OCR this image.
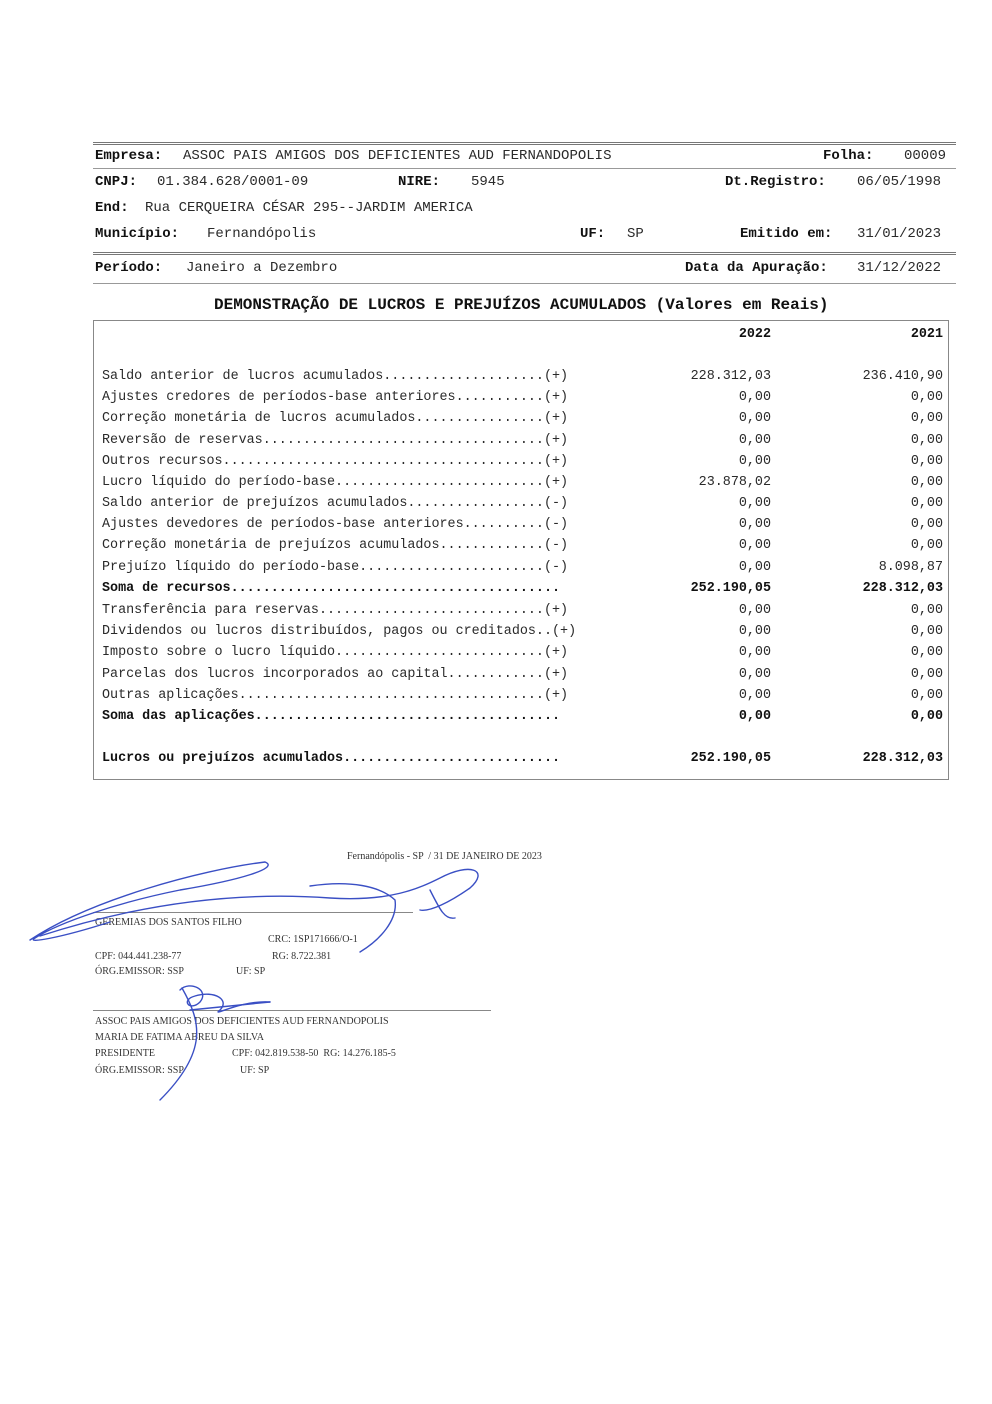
Empresa: ASSOC PAIS AMIGOS DOS DEFICIENTES AUD FERNANDOPOLIS	Folha: 00009
CNPJ: 01.384.628/0001-09	NIRE: 5945	Dt.Registro: 06/05/1998
End: Rua CERQUEIRA CÉSAR 295--JARDIM AMERICA
Município: Fernandópolis	UF: SP	Emitido em: 31/01/2023
Período: Janeiro a Dezembro	Data da Apuração: 31/12/2022
DEMONSTRAÇÃO DE LUCROS E PREJUÍZOS ACUMULADOS (Valores em Reais)
2022	2021
Saldo anterior de lucros acumulados....................(+)	228.312,03	236.410,90
Ajustes credores de períodos-base anteriores...........(+)	0,00	0,00
Correção monetária de lucros acumulados................(+)	0,00	0,00
Reversão de reservas...................................(+)	0,00	0,00
Outros recursos........................................(+)	0,00	0,00
Lucro líquido do período-base..........................(+)	23.878,02	0,00
Saldo anterior de prejuízos acumulados.................(-)	0,00	0,00
Ajustes devedores de períodos-base anteriores..........(-)	0,00	0,00
Correção monetária de prejuízos acumulados.............(-)	0,00	0,00
Prejuízo líquido do período-base.......................(-)	0,00	8.098,87
Soma de recursos.........................................	252.190,05	228.312,03
Transferência para reservas............................(+)	0,00	0,00
Dividendos ou lucros distribuídos, pagos ou creditados..(+)	0,00	0,00
Imposto sobre o lucro líquido..........................(+)	0,00	0,00
Parcelas dos lucros incorporados ao capital............(+)	0,00	0,00
Outras aplicações......................................(+)	0,00	0,00
Soma das aplicações......................................	0,00	0,00
Lucros ou prejuízos acumulados...........................	252.190,05	228.312,03
Fernandópolis - SP  / 31 DE JANEIRO DE 2023
GEREMIAS DOS SANTOS FILHO
CRC: 1SP171666/O-1
CPF: 044.441.238-77	RG: 8.722.381
ÓRG.EMISSOR: SSP	UF: SP
ASSOC PAIS AMIGOS DOS DEFICIENTES AUD FERNANDOPOLIS
MARIA DE FATIMA ABREU DA SILVA
PRESIDENTE	CPF: 042.819.538-50  RG: 14.276.185-5
ÓRG.EMISSOR: SSP	UF: SP
